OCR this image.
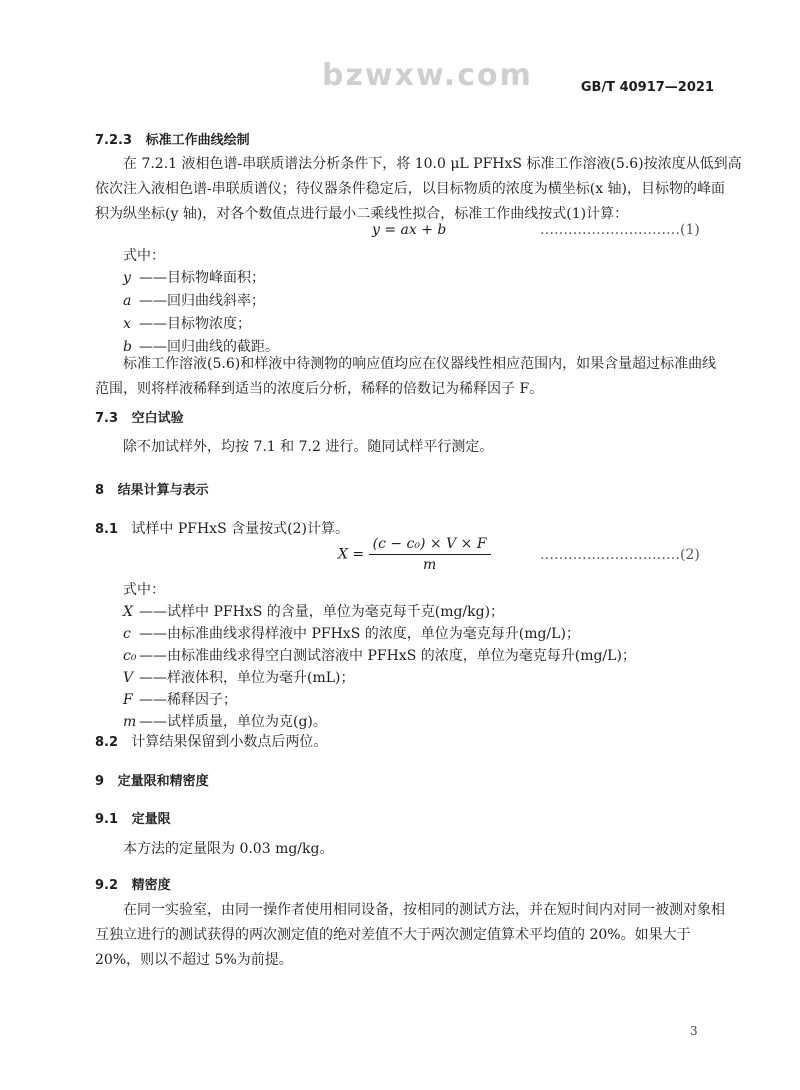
bzwxw.com	GB/T 40917—2021
7.2.3 标准工作曲线绘制
在 7.2.1 液相色谱-串联质谱法分析条件下，将 10.0 μL PFHxS 标准工作溶液(5.6)按浓度从低到高
依次注入液相色谱-串联质谱仪；待仪器条件稳定后，以目标物质的浓度为横坐标(x 轴)，目标物的峰面
积为纵坐标(y 轴)，对各个数值点进行最小二乘线性拟合，标准工作曲线按式(1)计算：
y = ax + b	…………………………(1)
式中：
y ——目标物峰面积；
a ——回归曲线斜率；
x ——目标物浓度；
b ——回归曲线的截距。
标准工作溶液(5.6)和样液中待测物的响应值均应在仪器线性相应范围内，如果含量超过标准曲线
范围，则将样液稀释到适当的浓度后分析，稀释的倍数记为稀释因子 F。
7.3 空白试验
除不加试样外，均按 7.1 和 7.2 进行。随同试样平行测定。
8 结果计算与表示
8.1 试样中 PFHxS 含量按式(2)计算。
$X = \frac{\text{(c − c₀) × V × F}}{m}$	…………………………(2)
式中：
X ——试样中 PFHxS 的含量，单位为毫克每千克(mg/kg)；
c ——由标准曲线求得样液中 PFHxS 的浓度，单位为毫克每升(mg/L)；
c₀ ——由标准曲线求得空白测试溶液中 PFHxS 的浓度，单位为毫克每升(mg/L)；
V ——样液体积，单位为毫升(mL)；
F ——稀释因子；
m ——试样质量，单位为克(g)。
8.2 计算结果保留到小数点后两位。
9 定量限和精密度
9.1 定量限
本方法的定量限为 0.03 mg/kg。
9.2 精密度
在同一实验室，由同一操作者使用相同设备，按相同的测试方法，并在短时间内对同一被测对象相
互独立进行的测试获得的两次测定值的绝对差值不大于两次测定值算术平均值的 20%。如果大于
20%，则以不超过 5%为前提。
3
